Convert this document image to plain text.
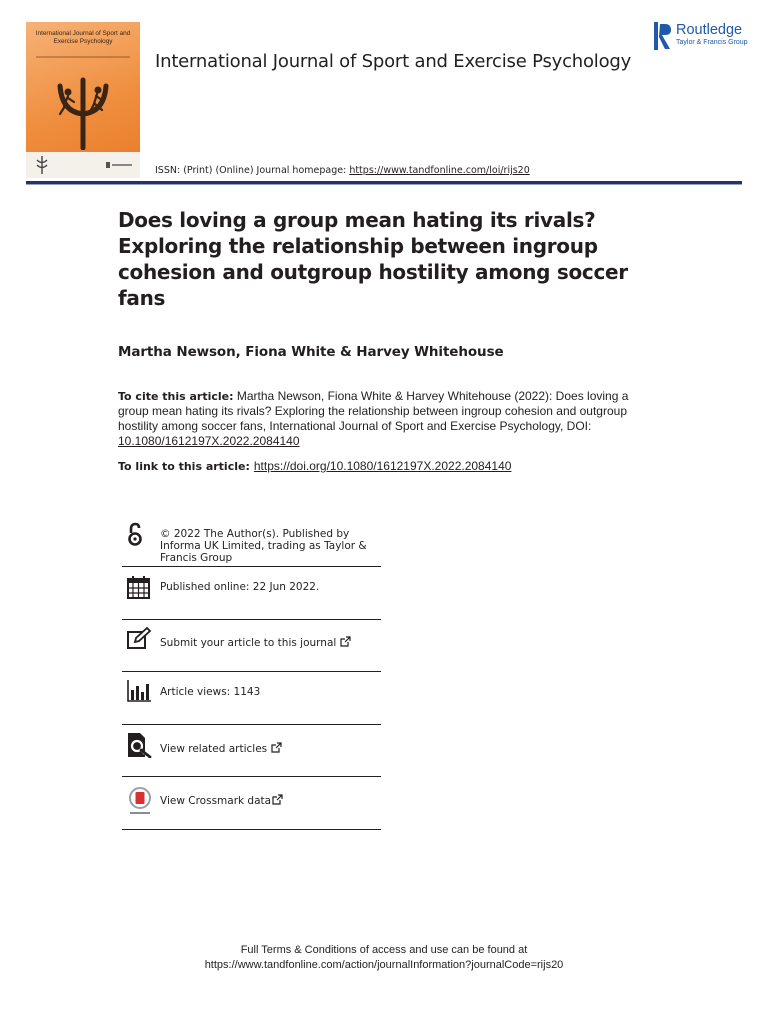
International Journal of Sport and Exercise Psychology
International Journal of Sport and Exercise Psychology
Routledge
Taylor & Francis Group
ISSN: (Print) (Online) Journal homepage: https://www.tandfonline.com/loi/rijs20
Does loving a group mean hating its rivals? Exploring the relationship between ingroup cohesion and outgroup hostility among soccer fans
Martha Newson, Fiona White & Harvey Whitehouse
To cite this article: Martha Newson, Fiona White & Harvey Whitehouse (2022): Does loving a group mean hating its rivals? Exploring the relationship between ingroup cohesion and outgroup hostility among soccer fans, International Journal of Sport and Exercise Psychology, DOI: 10.1080/1612197X.2022.2084140
To link to this article: https://doi.org/10.1080/1612197X.2022.2084140
© 2022 The Author(s). Published by Informa UK Limited, trading as Taylor & Francis Group
Published online: 22 Jun 2022.
Submit your article to this journal
Article views: 1143
View related articles
View Crossmark data
Full Terms & Conditions of access and use can be found at
https://www.tandfonline.com/action/journalInformation?journalCode=rijs20
